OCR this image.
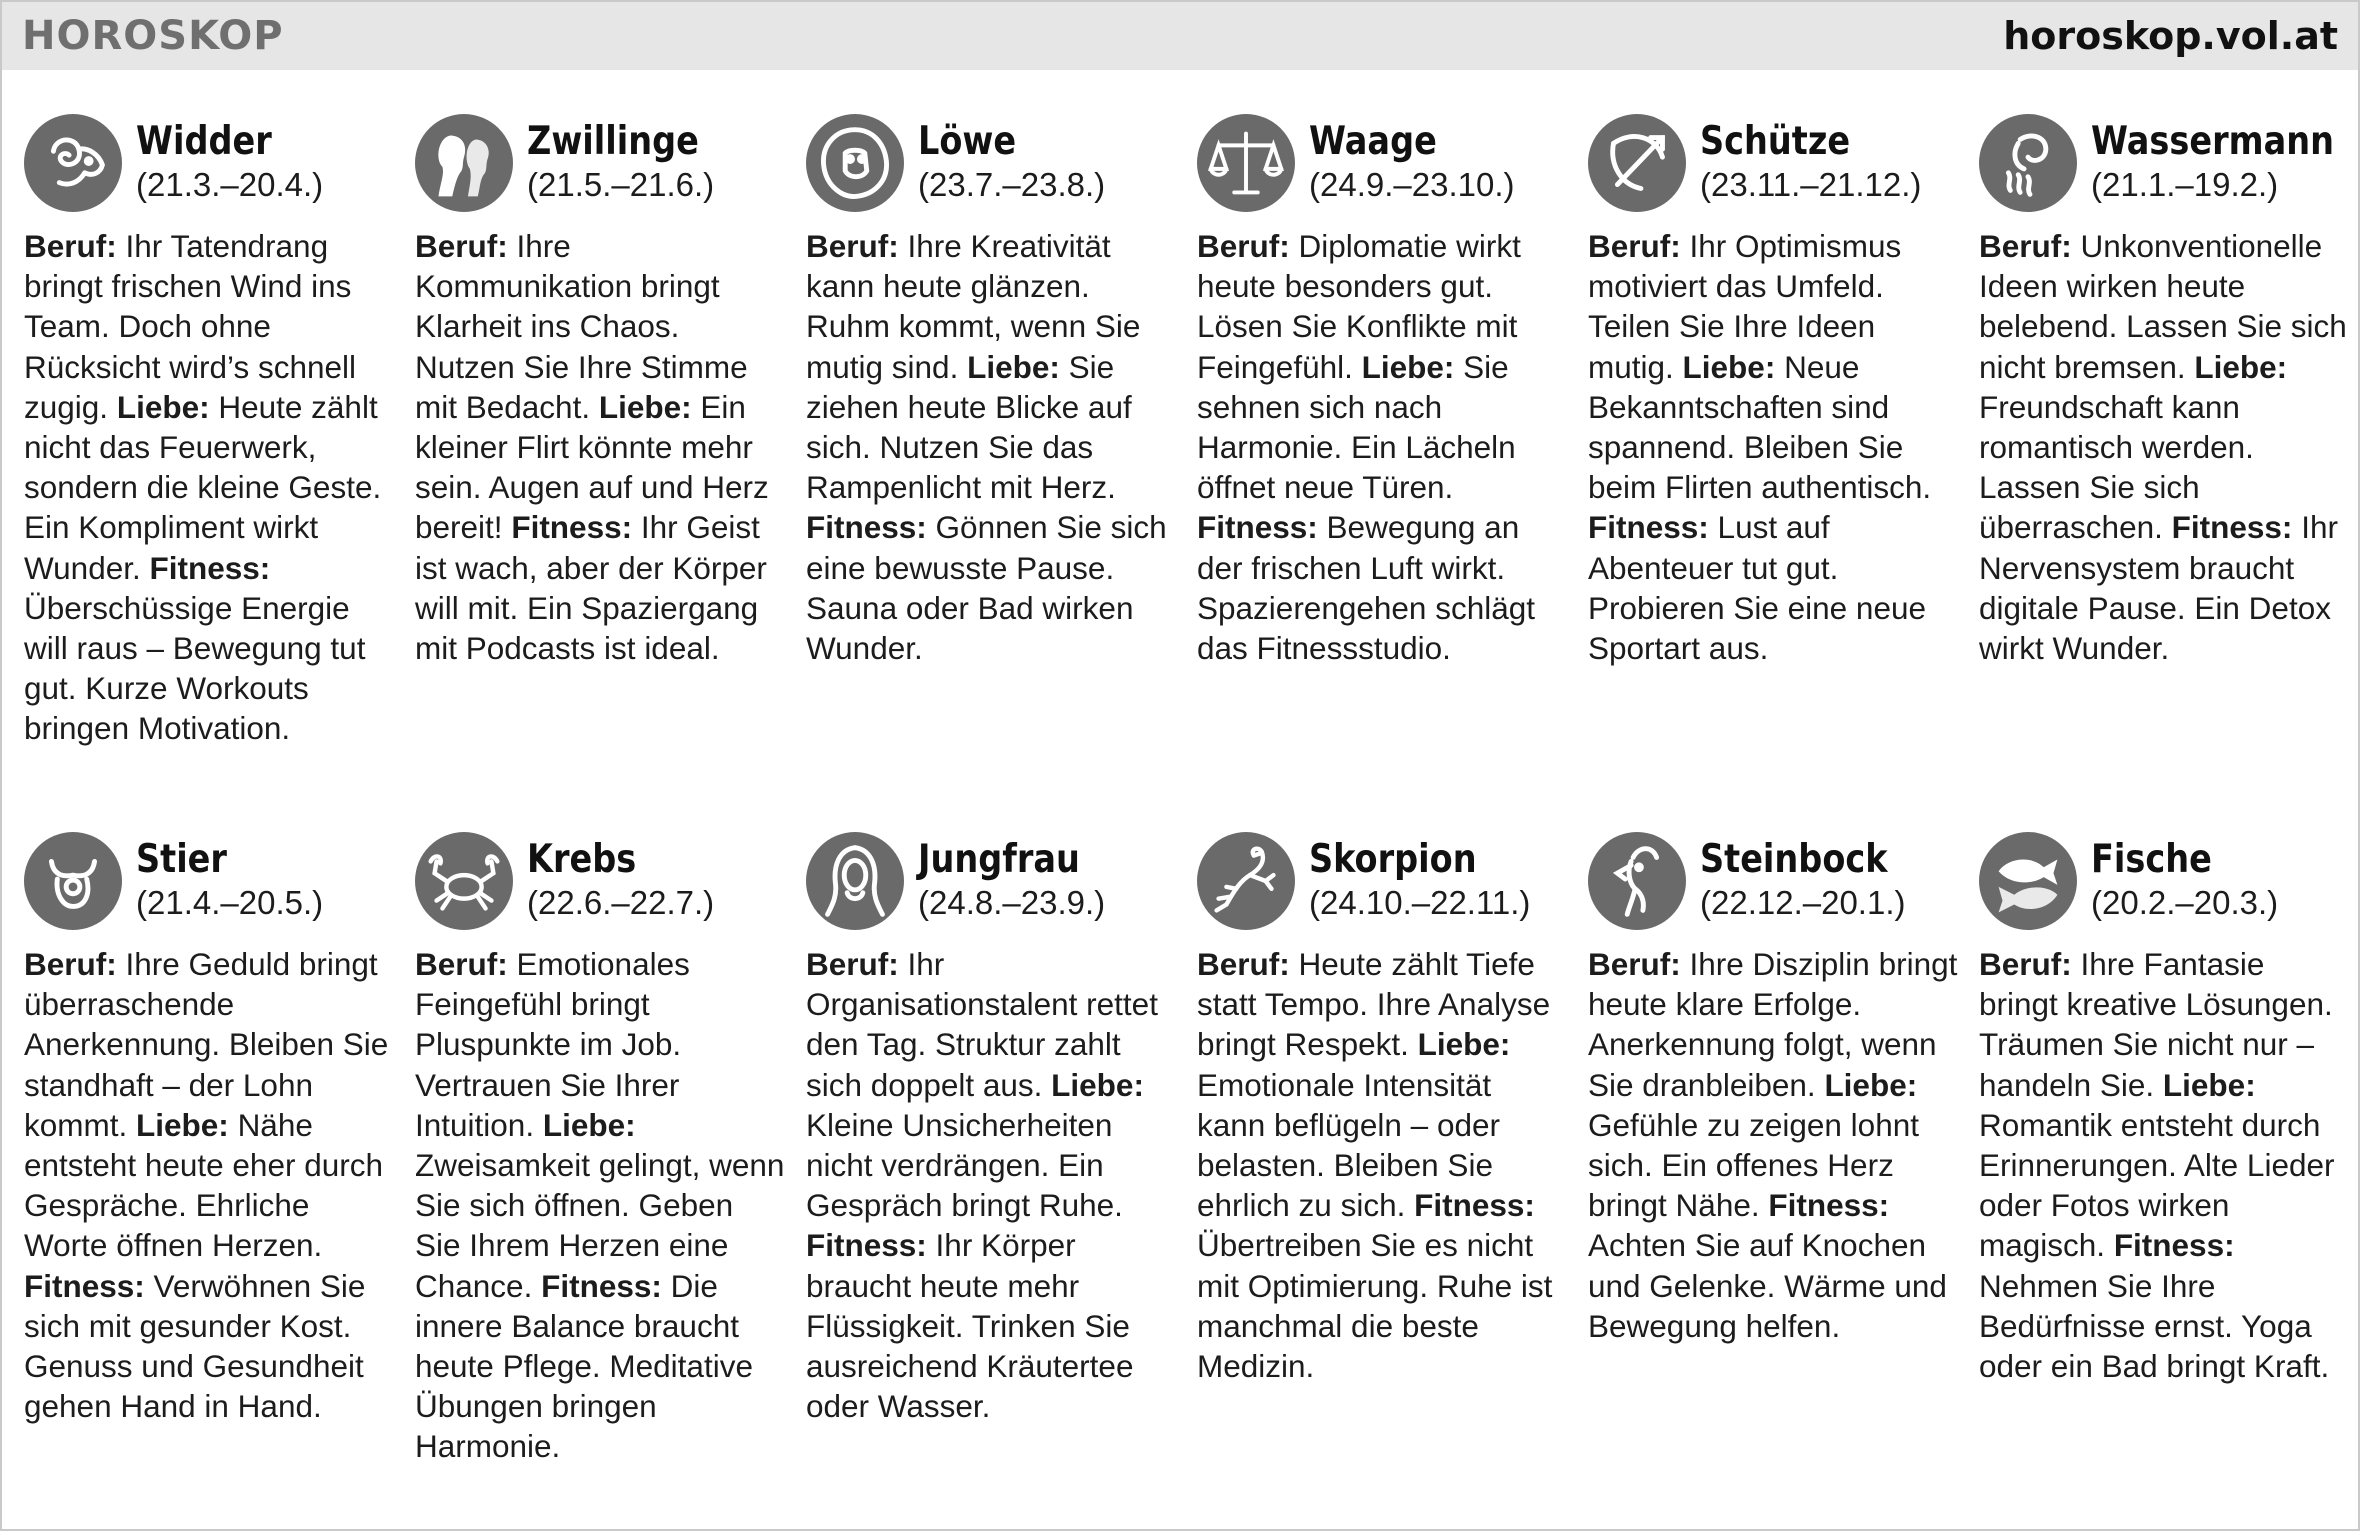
HOROSKOP	horoskop.vol.at
Widder
(21.3.–20.4.)
Beruf: Ihr Tatendrang bringt frischen Wind ins Team. Doch ohne Rücksicht wird’s schnell zugig. Liebe: Heute zählt nicht das Feuerwerk, sondern die kleine Geste. Ein Kompliment wirkt Wunder. Fitness: Überschüssige Energie will raus – Bewegung tut gut. Kurze Workouts bringen Motivation.
Zwillinge
(21.5.–21.6.)
Beruf: Ihre Kommunikation bringt Klarheit ins Chaos. Nutzen Sie Ihre Stimme mit Bedacht. Liebe: Ein kleiner Flirt könnte mehr sein. Augen auf und Herz bereit! Fitness: Ihr Geist ist wach, aber der Körper will mit. Ein Spaziergang mit Podcasts ist ideal.
Löwe
(23.7.–23.8.)
Beruf: Ihre Kreativität kann heute glänzen. Ruhm kommt, wenn Sie mutig sind. Liebe: Sie ziehen heute Blicke auf sich. Nutzen Sie das Rampenlicht mit Herz. Fitness: Gönnen Sie sich eine bewusste Pause. Sauna oder Bad wirken Wunder.
Waage
(24.9.–23.10.)
Beruf: Diplomatie wirkt heute besonders gut. Lösen Sie Konflikte mit Feingefühl. Liebe: Sie sehnen sich nach Harmonie. Ein Lächeln öffnet neue Türen. Fitness: Bewegung an der frischen Luft wirkt. Spazierengehen schlägt das Fitnessstudio.
Schütze
(23.11.–21.12.)
Beruf: Ihr Optimismus motiviert das Umfeld. Teilen Sie Ihre Ideen mutig. Liebe: Neue Bekanntschaften sind spannend. Bleiben Sie beim Flirten authentisch. Fitness: Lust auf Abenteuer tut gut. Probieren Sie eine neue Sportart aus.
Wassermann
(21.1.–19.2.)
Beruf: Unkonventionelle Ideen wirken heute belebend. Lassen Sie sich nicht bremsen. Liebe: Freundschaft kann romantisch werden. Lassen Sie sich überraschen. Fitness: Ihr Nervensystem braucht digitale Pause. Ein Detox wirkt Wunder.
Stier
(21.4.–20.5.)
Beruf: Ihre Geduld bringt überraschende Anerkennung. Bleiben Sie standhaft – der Lohn kommt. Liebe: Nähe entsteht heute eher durch Gespräche. Ehrliche Worte öffnen Herzen. Fitness: Verwöhnen Sie sich mit gesunder Kost. Genuss und Gesundheit gehen Hand in Hand.
Krebs
(22.6.–22.7.)
Beruf: Emotionales Feingefühl bringt Pluspunkte im Job. Vertrauen Sie Ihrer Intuition. Liebe: Zweisamkeit gelingt, wenn Sie sich öffnen. Geben Sie Ihrem Herzen eine Chance. Fitness: Die innere Balance braucht heute Pflege. Meditative Übungen bringen Harmonie.
Jungfrau
(24.8.–23.9.)
Beruf: Ihr Organisationstalent rettet den Tag. Struktur zahlt sich doppelt aus. Liebe: Kleine Unsicherheiten nicht verdrängen. Ein Gespräch bringt Ruhe. Fitness: Ihr Körper braucht heute mehr Flüssigkeit. Trinken Sie ausreichend Kräutertee oder Wasser.
Skorpion
(24.10.–22.11.)
Beruf: Heute zählt Tiefe statt Tempo. Ihre Analyse bringt Respekt. Liebe: Emotionale Intensität kann beflügeln – oder belasten. Bleiben Sie ehrlich zu sich. Fitness: Übertreiben Sie es nicht mit Optimierung. Ruhe ist manchmal die beste Medizin.
Steinbock
(22.12.–20.1.)
Beruf: Ihre Disziplin bringt heute klare Erfolge. Anerkennung folgt, wenn Sie dranbleiben. Liebe: Gefühle zu zeigen lohnt sich. Ein offenes Herz bringt Nähe. Fitness: Achten Sie auf Knochen und Gelenke. Wärme und Bewegung helfen.
Fische
(20.2.–20.3.)
Beruf: Ihre Fantasie bringt kreative Lösungen. Träumen Sie nicht nur – handeln Sie. Liebe: Romantik entsteht durch Erinnerungen. Alte Lieder oder Fotos wirken magisch. Fitness: Nehmen Sie Ihre Bedürfnisse ernst. Yoga oder ein Bad bringt Kraft.
